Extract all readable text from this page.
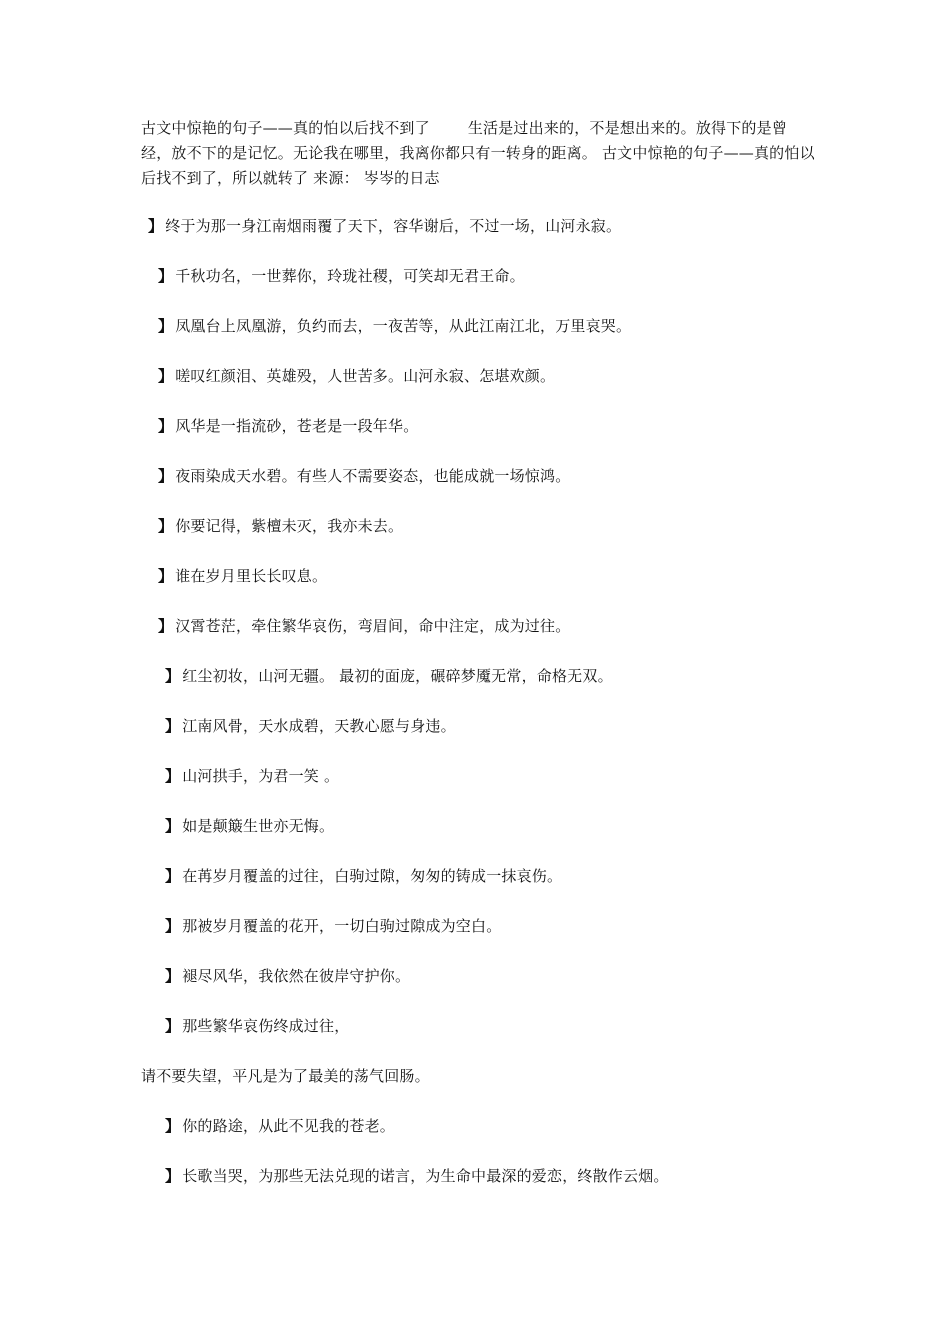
古文中惊艳的句子——真的怕以后找不到了	生活是过出来的，不是想出来的。放得下的是曾经，放不下的是记忆。无论我在哪里，我离你都只有一转身的距离。 古文中惊艳的句子——真的怕以后找不到了，所以就转了 来源： 岑岑的日志
】 终于为那一身江南烟雨覆了天下，容华谢后，不过一场，山河永寂。
】 千秋功名，一世葬你，玲珑社稷，可笑却无君王命。
】 凤凰台上凤凰游，负约而去，一夜苦等，从此江南江北，万里哀哭。
】 嗟叹红颜泪、英雄殁，人世苦多。山河永寂、怎堪欢颜。
】 风华是一指流砂，苍老是一段年华。
】 夜雨染成天水碧。有些人不需要姿态，也能成就一场惊鸿。
】 你要记得，紫檀未灭，我亦未去。
】 谁在岁月里长长叹息。
】 汉霄苍茫，牵住繁华哀伤，弯眉间，命中注定，成为过往。
】 红尘初妆，山河无疆。 最初的面庞，碾碎梦魇无常，命格无双。
】 江南风骨，天水成碧，天教心愿与身违。
】 山河拱手，为君一笑 。
】 如是颠簸生世亦无悔。
】 在苒岁月覆盖的过往，白驹过隙，匆匆的铸成一抹哀伤。
】 那被岁月覆盖的花开，一切白驹过隙成为空白。
】 褪尽风华，我依然在彼岸守护你。
】 那些繁华哀伤终成过往，
请不要失望，平凡是为了最美的荡气回肠。
】 你的路途，从此不见我的苍老。
】 长歌当哭，为那些无法兑现的诺言，为生命中最深的爱恋，终散作云烟。
